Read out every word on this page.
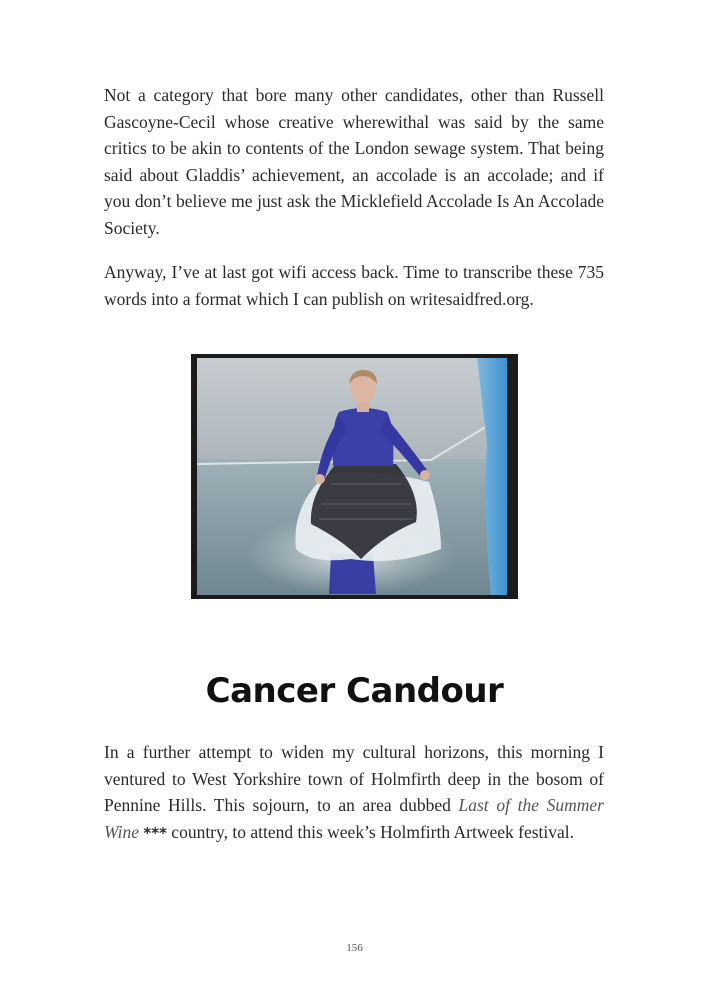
Not a category that bore many other candidates, other than Russell Gascoyne-Cecil whose creative wherewithal was said by the same critics to be akin to contents of the London sewage system. That being said about Gladdis’ achievement, an accolade is an accolade; and if you don’t believe me just ask the Micklefield Accolade Is An Accolade Society.

Anyway, I’ve at last got wifi access back. Time to transcribe these 735 words into a format which I can publish on writesaidfred.org.

Cancer Candour

In a further attempt to widen my cultural horizons, this morning I ventured to West Yorkshire town of Holmfirth deep in the bosom of Pennine Hills. This sojourn, to an area dubbed Last of the Summer Wine *** country, to attend this week’s Holmfirth Artweek festival.

156
